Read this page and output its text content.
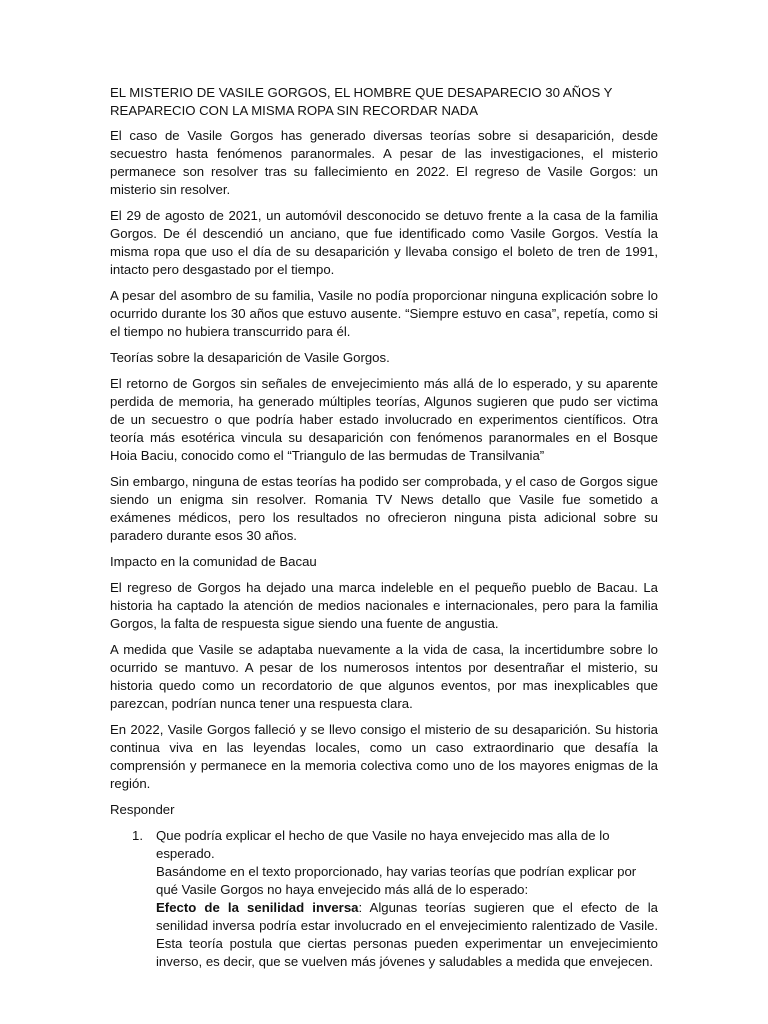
EL MISTERIO DE VASILE GORGOS, EL HOMBRE QUE DESAPARECIO 30 AÑOS Y REAPARECIO CON LA MISMA ROPA SIN RECORDAR NADA

El caso de Vasile Gorgos has generado diversas teorías sobre si desaparición, desde secuestro hasta fenómenos paranormales. A pesar de las investigaciones, el misterio permanece son resolver tras su fallecimiento en 2022. El regreso de Vasile Gorgos: un misterio sin resolver.

El 29 de agosto de 2021, un automóvil desconocido se detuvo frente a la casa de la familia Gorgos. De él descendió un anciano, que fue identificado como Vasile Gorgos. Vestía la misma ropa que uso el día de su desaparición y llevaba consigo el boleto de tren de 1991, intacto pero desgastado por el tiempo.

A pesar del asombro de su familia, Vasile no podía proporcionar ninguna explicación sobre lo ocurrido durante los 30 años que estuvo ausente. “Siempre estuvo en casa”, repetía, como si el tiempo no hubiera transcurrido para él.

Teorías sobre la desaparición de Vasile Gorgos.

El retorno de Gorgos sin señales de envejecimiento más allá de lo esperado, y su aparente perdida de memoria, ha generado múltiples teorías, Algunos sugieren que pudo ser victima de un secuestro o que podría haber estado involucrado en experimentos científicos. Otra teoría más esotérica vincula su desaparición con fenómenos paranormales en el Bosque Hoia Baciu, conocido como el “Triangulo de las bermudas de Transilvania”

Sin embargo, ninguna de estas teorías ha podido ser comprobada, y el caso de Gorgos sigue siendo un enigma sin resolver. Romania TV News detallo que Vasile fue sometido a exámenes médicos, pero los resultados no ofrecieron ninguna pista adicional sobre su paradero durante esos 30 años.

Impacto en la comunidad de Bacau

El regreso de Gorgos ha dejado una marca indeleble en el pequeño pueblo de Bacau. La historia ha captado la atención de medios nacionales e internacionales, pero para la familia Gorgos, la falta de respuesta sigue siendo una fuente de angustia.

A medida que Vasile se adaptaba nuevamente a la vida de casa, la incertidumbre sobre lo ocurrido se mantuvo. A pesar de los numerosos intentos por desentrañar el misterio, su historia quedo como un recordatorio de que algunos eventos, por mas inexplicables que parezcan, podrían nunca tener una respuesta clara.

En 2022, Vasile Gorgos falleció y se llevo consigo el misterio de su desaparición. Su historia continua viva en las leyendas locales, como un caso extraordinario que desafía la comprensión y permanece en la memoria colectiva como uno de los mayores enigmas de la región.

Responder

1. Que podría explicar el hecho de que Vasile no haya envejecido mas alla de lo esperado.
Basándome en el texto proporcionado, hay varias teorías que podrían explicar por qué Vasile Gorgos no haya envejecido más allá de lo esperado:
Efecto de la senilidad inversa: Algunas teorías sugieren que el efecto de la senilidad inversa podría estar involucrado en el envejecimiento ralentizado de Vasile. Esta teoría postula que ciertas personas pueden experimentar un envejecimiento inverso, es decir, que se vuelven más jóvenes y saludables a medida que envejecen.
